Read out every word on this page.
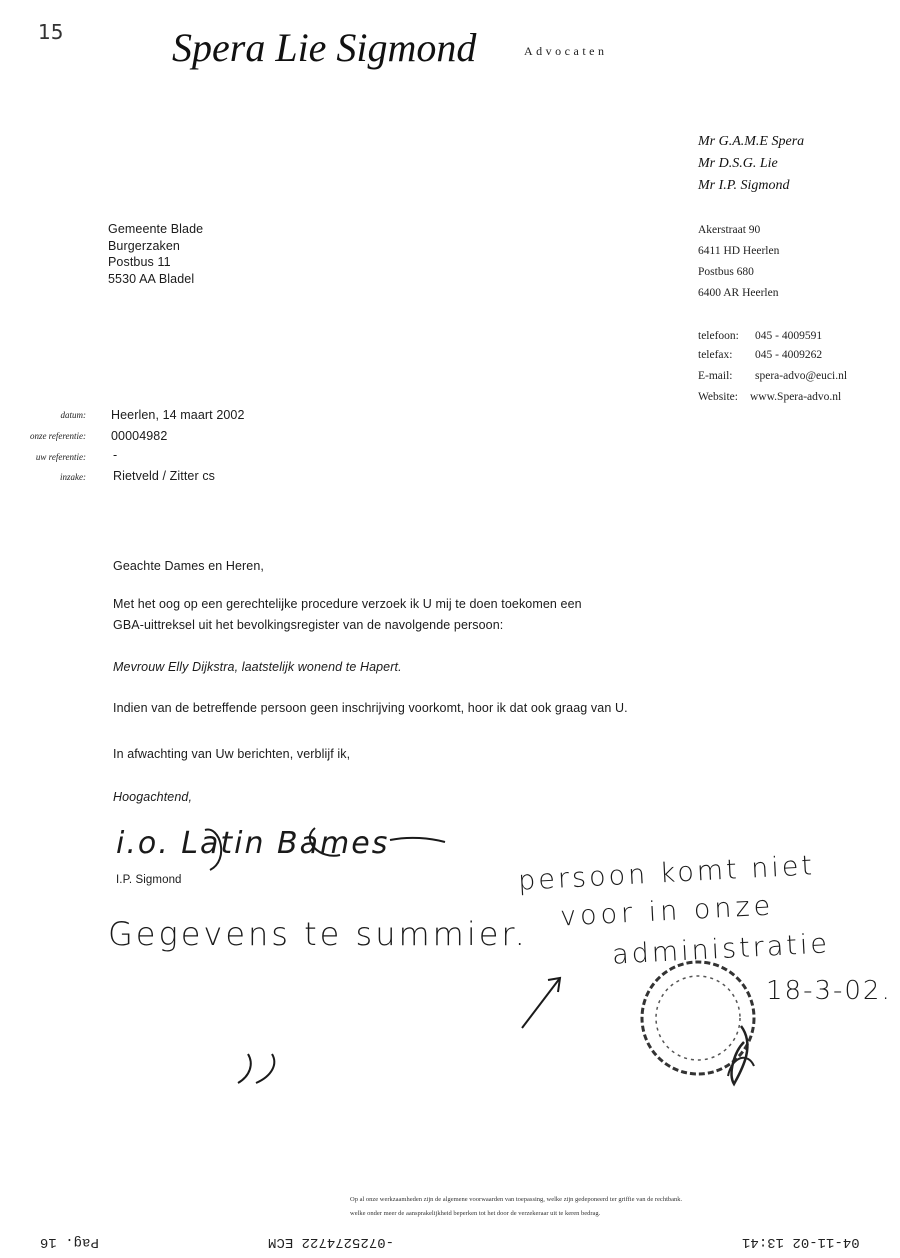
15	Spera Lie Sigmond	Advocaten
Mr G.A.M.E Spera
Mr D.S.G. Lie
Mr I.P. Sigmond
Akerstraat 90
6411 HD Heerlen
Postbus 680
6400 AR Heerlen
telefoon: 045 - 4009591
telefax: 045 - 4009262
E-mail: spera-advo@euci.nl
Website: www.Spera-advo.nl
Gemeente Blade
Burgerzaken
Postbus 11
5530 AA Bladel
datum: Heerlen, 14 maart 2002
onze referentie: 00004982
uw referentie: -
inzake: Rietveld / Zitter cs
Geachte Dames en Heren,
Met het oog op een gerechtelijke procedure verzoek ik U mij te doen toekomen een
GBA-uittreksel uit het bevolkingsregister van de navolgende persoon:
Mevrouw Elly Dijkstra, laatstelijk wonend te Hapert.
Indien van de betreffende persoon geen inschrijving voorkomt, hoor ik dat ook graag van U.
In afwachting van Uw berichten, verblijf ik,
Hoogachtend,
I.P. Sigmond
i.o. Latin Bames
Gegevens te summier.
persoon komt niet
voor in onze
administratie
18-3-02.
Op al onze werkzaamheden zijn de algemene voorwaarden van toepassing, welke zijn gedeponeerd ter griffie van de rechtbank.
welke onder meer de aansprakelijkheid beperken tot het door de verzekeraar uit te keren bedrag.
Pag. 16	-0725274722 ECM	04-11-02 13:41
